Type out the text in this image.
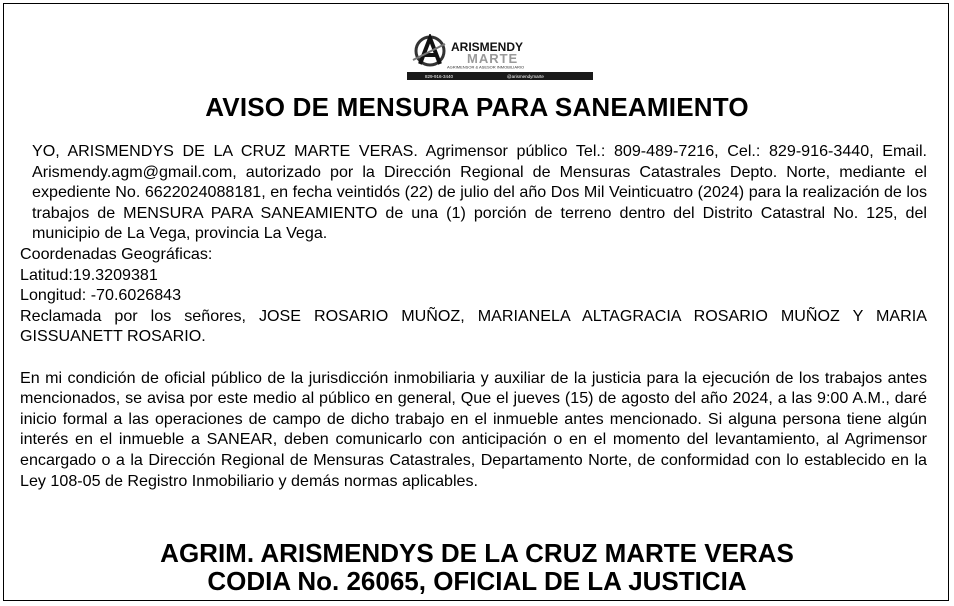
ARISMENDY
MARTE
AGRIMENSOR & ASESOR INMOBILIARIO
829-916-3440	@arismendymarte
AVISO DE MENSURA PARA SANEAMIENTO

YO, ARISMENDYS DE LA CRUZ MARTE VERAS. Agrimensor público Tel.: 809-489-7216, Cel.: 829-916-3440, Email. Arismendy.agm@gmail.com, autorizado por la Dirección Regional de Mensuras Catastrales Depto. Norte, mediante el expediente No. 6622024088181, en fecha veintidós (22) de julio del año Dos Mil Veinticuatro (2024) para la realización de los trabajos de MENSURA PARA SANEAMIENTO de una (1) porción de terreno dentro del Distrito Catastral No. 125, del municipio de La Vega, provincia La Vega.

Coordenadas Geográficas:

Latitud:19.3209381

Longitud: -70.6026843

Reclamada por los señores, JOSE ROSARIO MUÑOZ, MARIANELA ALTAGRACIA ROSARIO MUÑOZ Y MARIA GISSUANETT ROSARIO.

En mi condición de oficial público de la jurisdicción inmobiliaria y auxiliar de la justicia para la ejecución de los trabajos antes mencionados, se avisa por este medio al público en general, Que el jueves (15) de agosto del año 2024, a las 9:00 A.M., daré inicio formal a las operaciones de campo de dicho trabajo en el inmueble antes mencionado. Si alguna persona tiene algún interés en el inmueble a SANEAR, deben comunicarlo con anticipación o en el momento del levantamiento, al Agrimensor encargado o a la Dirección Regional de Mensuras Catastrales, Departamento Norte, de conformidad con lo establecido en la Ley 108-05 de Registro Inmobiliario y demás normas aplicables.

AGRIM. ARISMENDYS DE LA CRUZ MARTE VERAS
CODIA No. 26065, OFICIAL DE LA JUSTICIA
